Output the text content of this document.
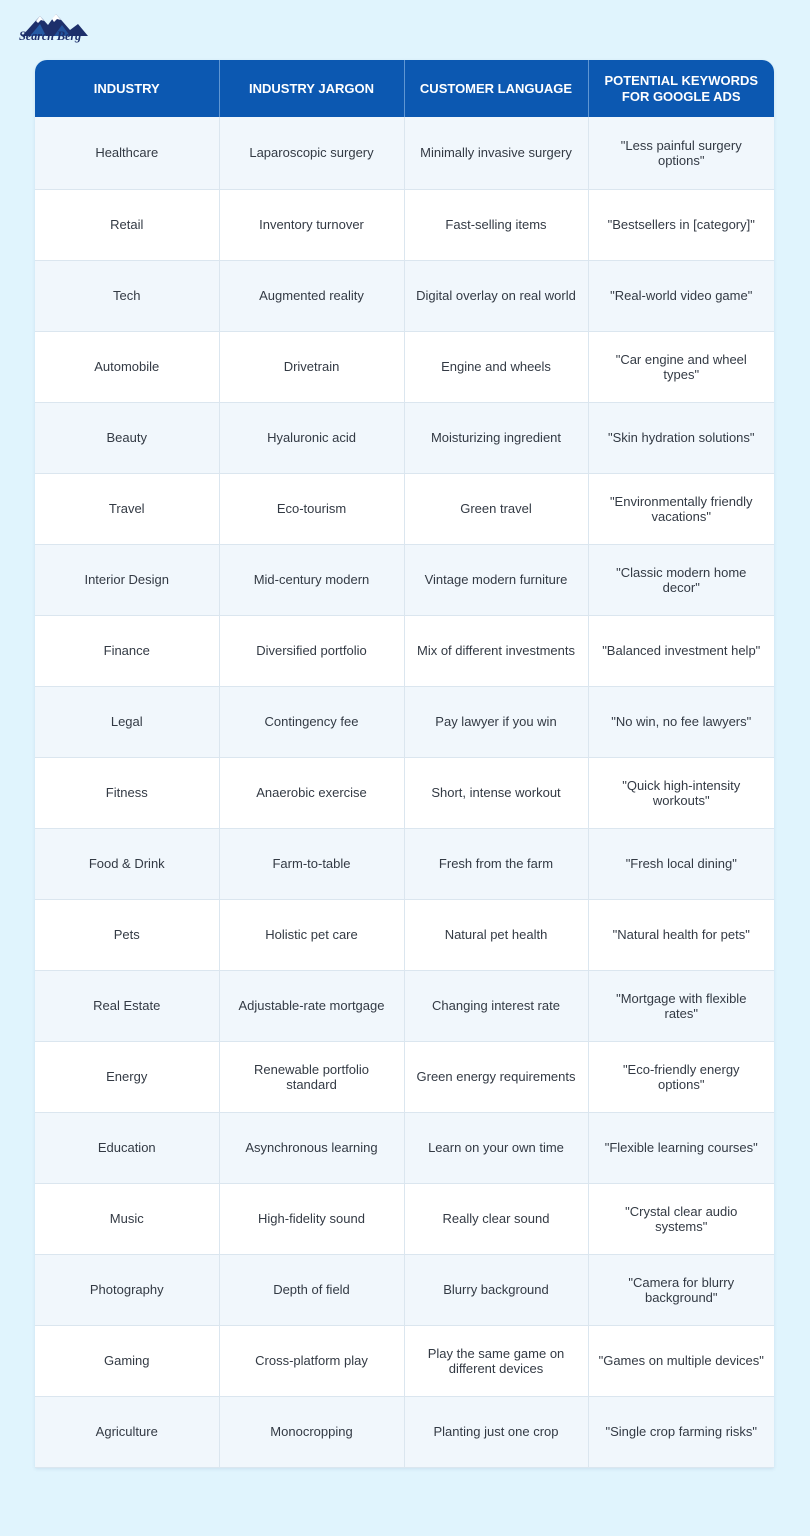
Search Berg
INDUSTRY	INDUSTRY JARGON	CUSTOMER LANGUAGE	POTENTIAL KEYWORDS FOR GOOGLE ADS
Healthcare	Laparoscopic surgery	Minimally invasive surgery	"Less painful surgery options"
Retail	Inventory turnover	Fast-selling items	"Bestsellers in [category]"
Tech	Augmented reality	Digital overlay on real world	"Real-world video game"
Automobile	Drivetrain	Engine and wheels	"Car engine and wheel types"
Beauty	Hyaluronic acid	Moisturizing ingredient	"Skin hydration solutions"
Travel	Eco-tourism	Green travel	"Environmentally friendly vacations"
Interior Design	Mid-century modern	Vintage modern furniture	"Classic modern home decor"
Finance	Diversified portfolio	Mix of different investments	"Balanced investment help"
Legal	Contingency fee	Pay lawyer if you win	"No win, no fee lawyers"
Fitness	Anaerobic exercise	Short, intense workout	"Quick high-intensity workouts"
Food & Drink	Farm-to-table	Fresh from the farm	"Fresh local dining"
Pets	Holistic pet care	Natural pet health	"Natural health for pets"
Real Estate	Adjustable-rate mortgage	Changing interest rate	"Mortgage with flexible rates"
Energy	Renewable portfolio standard	Green energy requirements	"Eco-friendly energy options"
Education	Asynchronous learning	Learn on your own time	"Flexible learning courses"
Music	High-fidelity sound	Really clear sound	"Crystal clear audio systems"
Photography	Depth of field	Blurry background	"Camera for blurry background"
Gaming	Cross-platform play	Play the same game on different devices	"Games on multiple devices"
Agriculture	Monocropping	Planting just one crop	"Single crop farming risks"
